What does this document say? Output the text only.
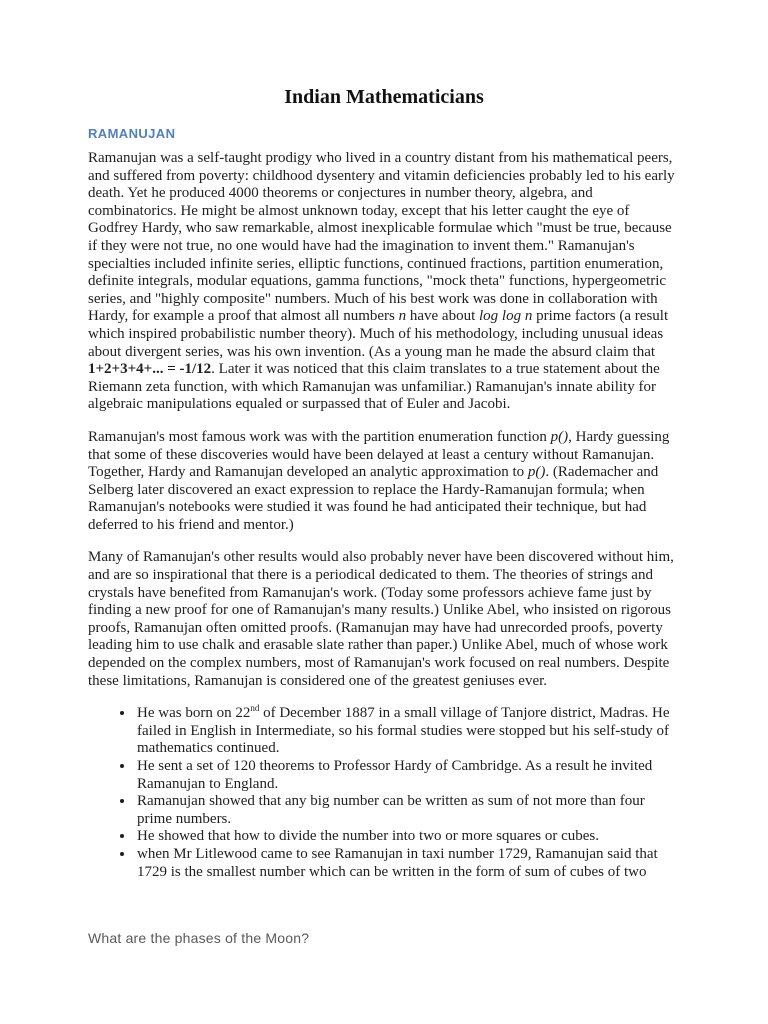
Indian Mathematicians
RAMANUJAN

Ramanujan was a self-taught prodigy who lived in a country distant from his mathematical peers, and suffered from poverty: childhood dysentery and vitamin deficiencies probably led to his early death. Yet he produced 4000 theorems or conjectures in number theory, algebra, and combinatorics. He might be almost unknown today, except that his letter caught the eye of Godfrey Hardy, who saw remarkable, almost inexplicable formulae which "must be true, because if they were not true, no one would have had the imagination to invent them." Ramanujan's specialties included infinite series, elliptic functions, continued fractions, partition enumeration, definite integrals, modular equations, gamma functions, "mock theta" functions, hypergeometric series, and "highly composite" numbers. Much of his best work was done in collaboration with Hardy, for example a proof that almost all numbers n have about log log n prime factors (a result which inspired probabilistic number theory). Much of his methodology, including unusual ideas about divergent series, was his own invention. (As a young man he made the absurd claim that 1+2+3+4+... = -1/12. Later it was noticed that this claim translates to a true statement about the Riemann zeta function, with which Ramanujan was unfamiliar.) Ramanujan's innate ability for algebraic manipulations equaled or surpassed that of Euler and Jacobi.

Ramanujan's most famous work was with the partition enumeration function p(), Hardy guessing that some of these discoveries would have been delayed at least a century without Ramanujan. Together, Hardy and Ramanujan developed an analytic approximation to p(). (Rademacher and Selberg later discovered an exact expression to replace the Hardy-Ramanujan formula; when Ramanujan's notebooks were studied it was found he had anticipated their technique, but had deferred to his friend and mentor.)

Many of Ramanujan's other results would also probably never have been discovered without him, and are so inspirational that there is a periodical dedicated to them. The theories of strings and crystals have benefited from Ramanujan's work. (Today some professors achieve fame just by finding a new proof for one of Ramanujan's many results.) Unlike Abel, who insisted on rigorous proofs, Ramanujan often omitted proofs. (Ramanujan may have had unrecorded proofs, poverty leading him to use chalk and erasable slate rather than paper.) Unlike Abel, much of whose work depended on the complex numbers, most of Ramanujan's work focused on real numbers. Despite these limitations, Ramanujan is considered one of the greatest geniuses ever.

• He was born on 22nd of December 1887 in a small village of Tanjore district, Madras. He failed in English in Intermediate, so his formal studies were stopped but his self-study of mathematics continued.
• He sent a set of 120 theorems to Professor Hardy of Cambridge. As a result he invited Ramanujan to England.
• Ramanujan showed that any big number can be written as sum of not more than four prime numbers.
• He showed that how to divide the number into two or more squares or cubes.
• when Mr Litlewood came to see Ramanujan in taxi number 1729, Ramanujan said that 1729 is the smallest number which can be written in the form of sum of cubes of two
What are the phases of the Moon?
